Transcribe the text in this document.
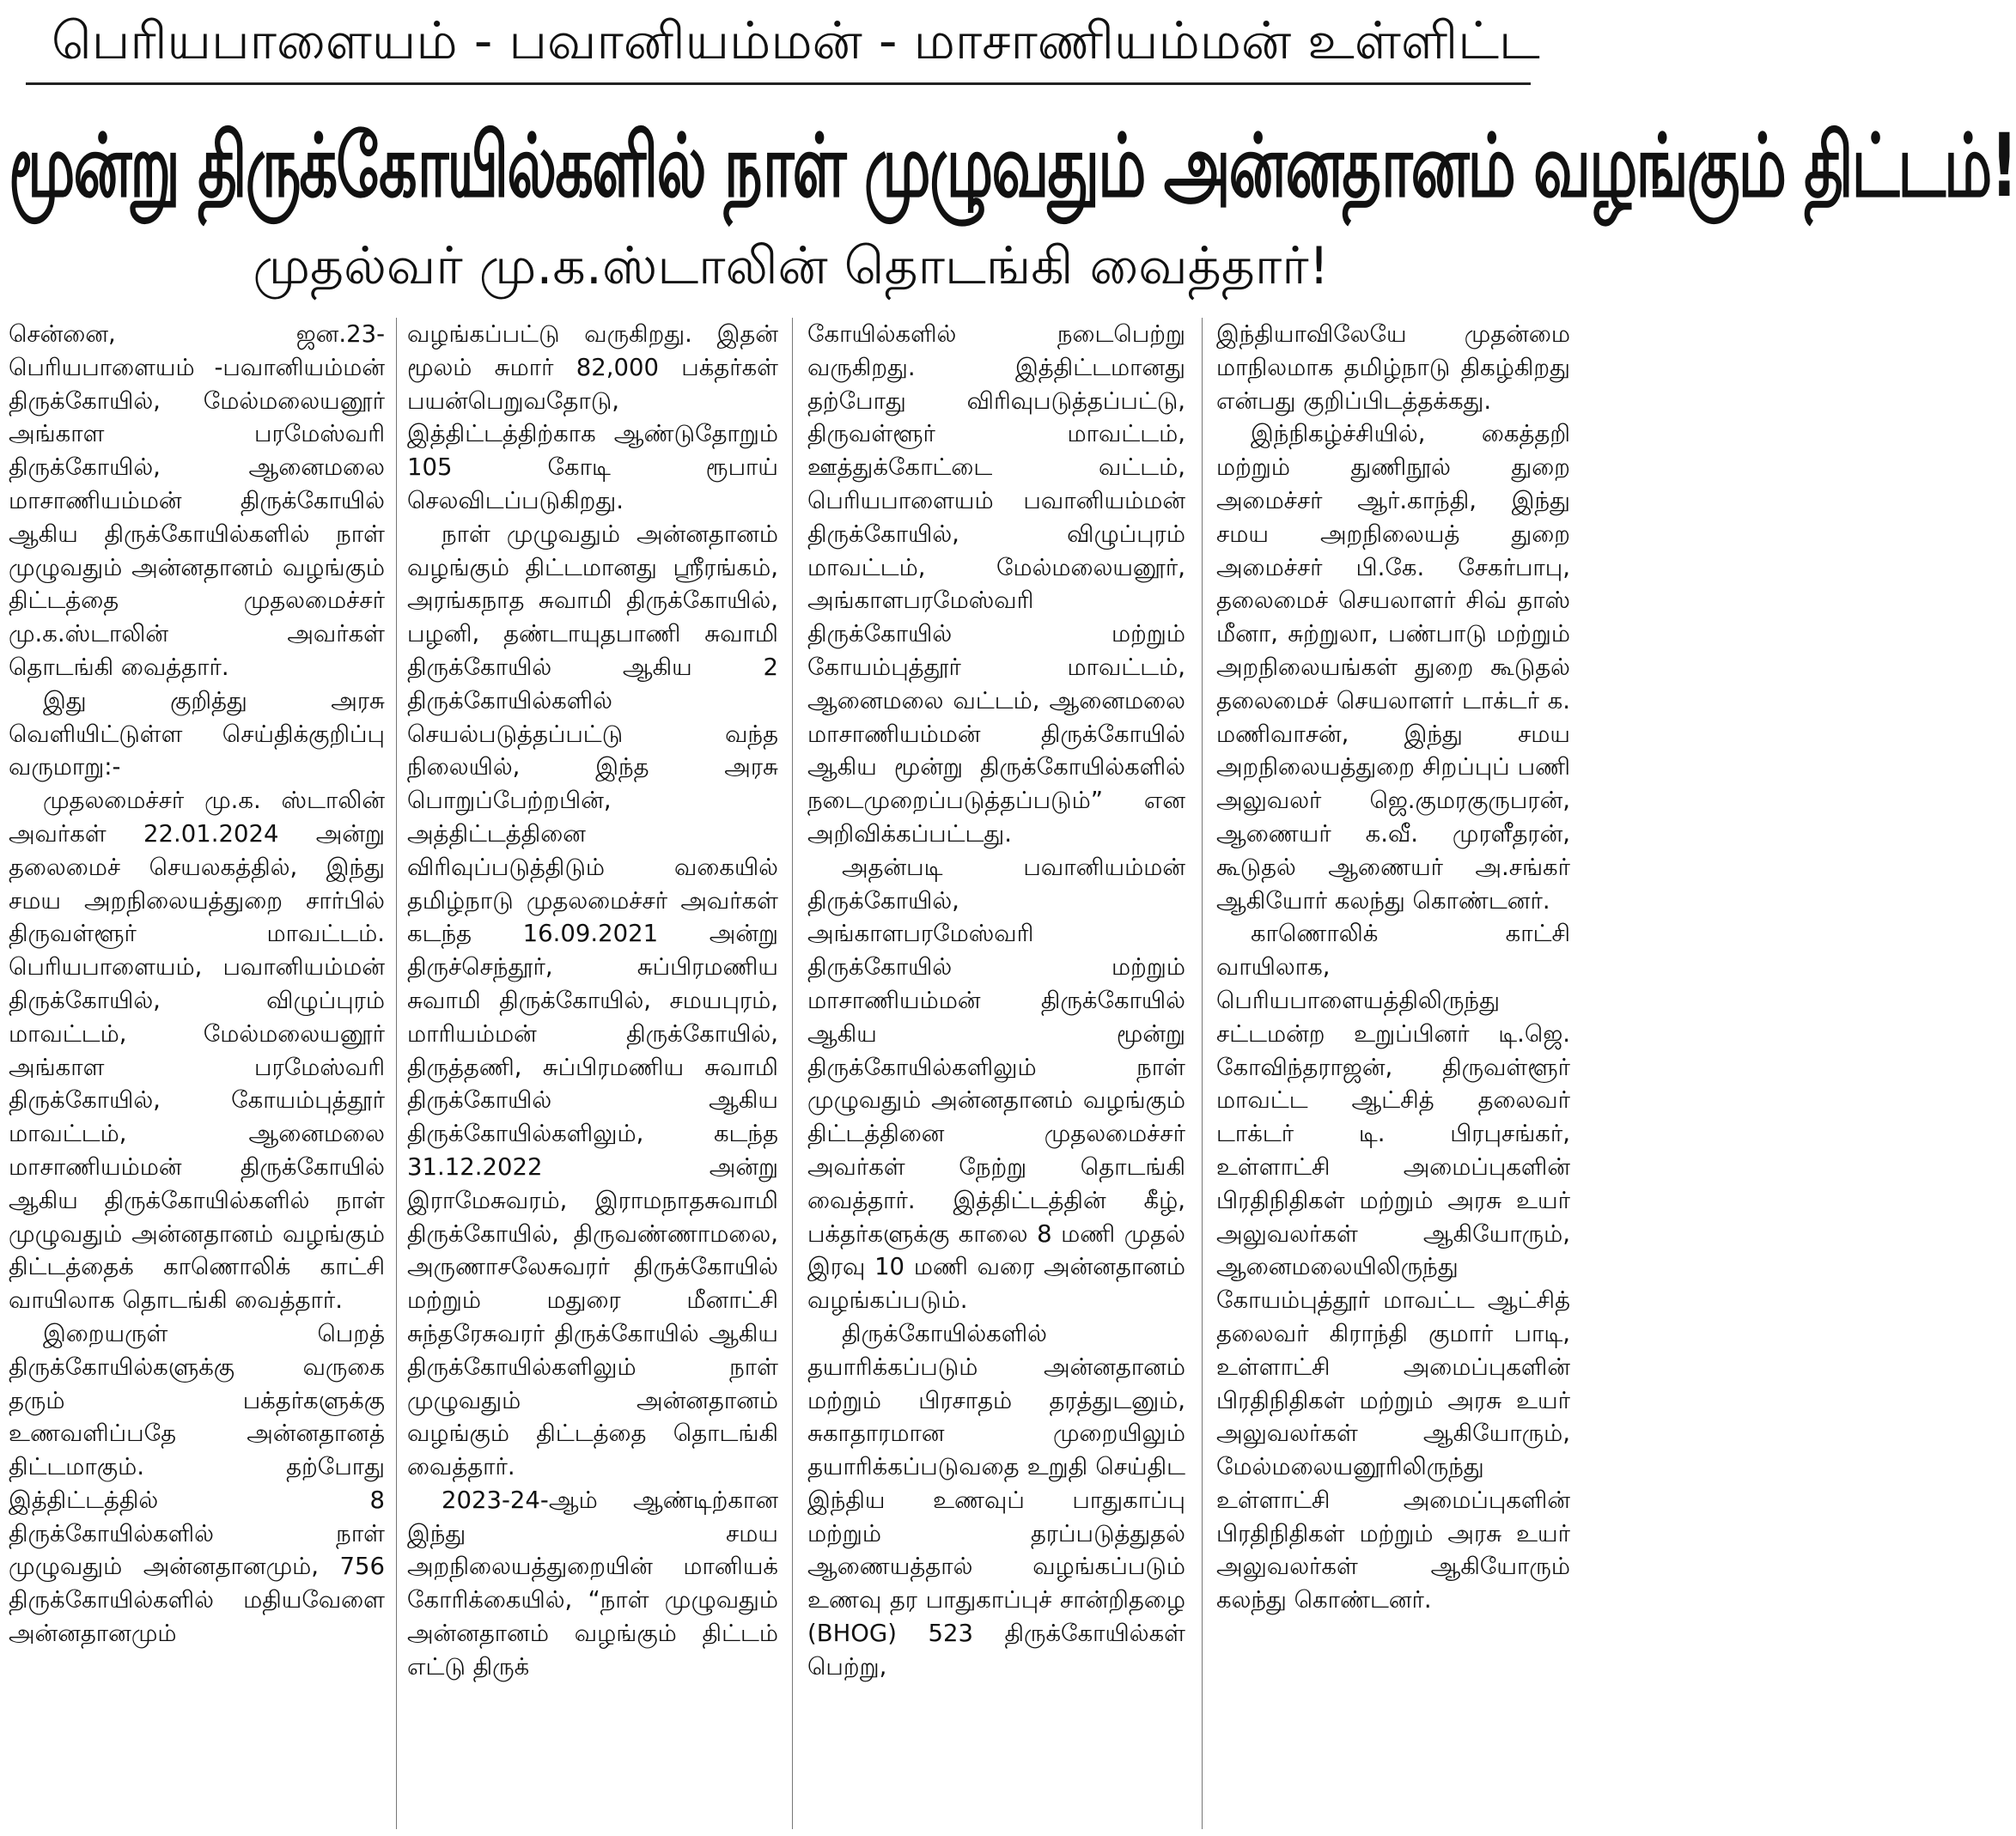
பெரியபாளையம் - பவானியம்மன் - மாசாணியம்மன் உள்ளிட்ட
மூன்று திருக்கோயில்களில் நாள் முழுவதும் அன்னதானம் வழங்கும் திட்டம்!
முதல்வர் மு.க.ஸ்டாலின் தொடங்கி வைத்தார்!

சென்னை, ஜன.23- பெரியபாளையம் -பவானியம்மன் திருக்கோயில், மேல்மலையனூர் அங்காள பரமேஸ்வரி திருக்கோயில், ஆனைமலை மாசாணியம்மன் திருக்கோயில் ஆகிய திருக்கோயில்களில் நாள் முழுவதும் அன்னதானம் வழங்கும் திட்டத்தை முதலமைச்சர் மு.க.ஸ்டாலின் அவர்கள் தொடங்கி வைத்தார்.

இது குறித்து அரசு வெளியிட்டுள்ள செய்திக்குறிப்பு வருமாறு:-

முதலமைச்சர் மு.க. ஸ்டாலின் அவர்கள் 22.01.2024 அன்று தலைமைச் செயலகத்தில், இந்து சமய அறநிலையத்துறை சார்பில் திருவள்ளூர் மாவட்டம். பெரியபாளையம், பவானியம்மன் திருக்கோயில், விழுப்புரம் மாவட்டம், மேல்மலையனூர் அங்காள பரமேஸ்வரி திருக்கோயில், கோயம்புத்தூர் மாவட்டம், ஆனைமலை மாசாணியம்மன் திருக்கோயில் ஆகிய திருக்கோயில்களில் நாள் முழுவதும் அன்னதானம் வழங்கும் திட்டத்தைக் காணொலிக் காட்சி வாயிலாக தொடங்கி வைத்தார்.

இறையருள் பெறத் திருக்கோயில்களுக்கு வருகை தரும் பக்தர்களுக்கு உணவளிப்பதே அன்னதானத் திட்டமாகும். தற்போது இத்திட்டத்தில் 8 திருக்கோயில்களில் நாள் முழுவதும் அன்னதானமும், 756 திருக்கோயில்களில் மதியவேளை அன்னதானமும்

வழங்கப்பட்டு வருகிறது. இதன் மூலம் சுமார் 82,000 பக்தர்கள் பயன்பெறுவதோடு, இத்திட்டத்திற்காக ஆண்டுதோறும் 105 கோடி ரூபாய் செலவிடப்படுகிறது.

நாள் முழுவதும் அன்னதானம் வழங்கும் திட்டமானது ஸ்ரீரங்கம், அரங்கநாத சுவாமி திருக்கோயில், பழனி, தண்டாயுதபாணி சுவாமி திருக்கோயில் ஆகிய 2 திருக்கோயில்களில் செயல்படுத்தப்பட்டு வந்த நிலையில், இந்த அரசு பொறுப்பேற்றபின், அத்திட்டத்தினை விரிவுப்படுத்திடும் வகையில் தமிழ்நாடு முதலமைச்சர் அவர்கள் கடந்த 16.09.2021 அன்று திருச்செந்தூர், சுப்பிரமணிய சுவாமி திருக்கோயில், சமயபுரம், மாரியம்மன் திருக்கோயில், திருத்தணி, சுப்பிரமணிய சுவாமி திருக்கோயில் ஆகிய திருக்கோயில்களிலும், கடந்த 31.12.2022 அன்று இராமேசுவரம், இராமநாதசுவாமி திருக்கோயில், திருவண்ணாமலை, அருணாசலேசுவரர் திருக்கோயில் மற்றும் மதுரை மீனாட்சி சுந்தரேசுவரர் திருக்கோயில் ஆகிய திருக்கோயில்களிலும் நாள் முழுவதும் அன்னதானம் வழங்கும் திட்டத்தை தொடங்கி வைத்தார்.

2023-24-ஆம் ஆண்டிற்கான இந்து சமய அறநிலையத்துறையின் மானியக் கோரிக்கையில், “நாள் முழுவதும் அன்னதானம் வழங்கும் திட்டம் எட்டு திருக்

கோயில்களில் நடைபெற்று வருகிறது. இத்திட்டமானது தற்போது விரிவுபடுத்தப்பட்டு, திருவள்ளூர் மாவட்டம், ஊத்துக்கோட்டை வட்டம், பெரியபாளையம் பவானியம்மன் திருக்கோயில், விழுப்புரம் மாவட்டம், மேல்மலையனூர், அங்காளபரமேஸ்வரி திருக்கோயில் மற்றும் கோயம்புத்தூர் மாவட்டம், ஆனைமலை வட்டம், ஆனைமலை மாசாணியம்மன் திருக்கோயில் ஆகிய மூன்று திருக்கோயில்களில் நடைமுறைப்படுத்தப்படும்” என அறிவிக்கப்பட்டது.

அதன்படி பவானியம்மன் திருக்கோயில், அங்காளபரமேஸ்வரி திருக்கோயில் மற்றும் மாசாணியம்மன் திருக்கோயில் ஆகிய மூன்று திருக்கோயில்களிலும் நாள் முழுவதும் அன்னதானம் வழங்கும் திட்டத்தினை முதலமைச்சர் அவர்கள் நேற்று தொடங்கி வைத்தார். இத்திட்டத்தின் கீழ், பக்தர்களுக்கு காலை 8 மணி முதல் இரவு 10 மணி வரை அன்னதானம் வழங்கப்படும்.

திருக்கோயில்களில் தயாரிக்கப்படும் அன்னதானம் மற்றும் பிரசாதம் தரத்துடனும், சுகாதாரமான முறையிலும் தயாரிக்கப்படுவதை உறுதி செய்திட இந்திய உணவுப் பாதுகாப்பு மற்றும் தரப்படுத்துதல் ஆணையத்தால் வழங்கப்படும் உணவு தர பாதுகாப்புச் சான்றிதழை (BHOG) 523 திருக்கோயில்கள் பெற்று,

இந்தியாவிலேயே முதன்மை மாநிலமாக தமிழ்நாடு திகழ்கிறது என்பது குறிப்பிடத்தக்கது.

இந்நிகழ்ச்சியில், கைத்தறி மற்றும் துணிநூல் துறை அமைச்சர் ஆர்.காந்தி, இந்து சமய அறநிலையத் துறை அமைச்சர் பி.கே. சேகர்பாபு, தலைமைச் செயலாளர் சிவ் தாஸ் மீனா, சுற்றுலா, பண்பாடு மற்றும் அறநிலையங்கள் துறை கூடுதல் தலைமைச் செயலாளர் டாக்டர் க. மணிவாசன், இந்து சமய அறநிலையத்துறை சிறப்புப் பணி அலுவலர் ஜெ.குமரகுருபரன், ஆணையர் க.வீ. முரளீதரன், கூடுதல் ஆணையர் அ.சங்கர் ஆகியோர் கலந்து கொண்டனர்.

காணொலிக் காட்சி வாயிலாக, பெரியபாளையத்திலிருந்து சட்டமன்ற உறுப்பினர் டி.ஜெ. கோவிந்தராஜன், திருவள்ளூர் மாவட்ட ஆட்சித் தலைவர் டாக்டர் டி. பிரபுசங்கர், உள்ளாட்சி அமைப்புகளின் பிரதிநிதிகள் மற்றும் அரசு உயர் அலுவலர்கள் ஆகியோரும், ஆனைமலையிலிருந்து கோயம்புத்தூர் மாவட்ட ஆட்சித் தலைவர் கிராந்தி குமார் பாடி, உள்ளாட்சி அமைப்புகளின் பிரதிநிதிகள் மற்றும் அரசு உயர் அலுவலர்கள் ஆகியோரும், மேல்மலையனூரிலிருந்து உள்ளாட்சி அமைப்புகளின் பிரதிநிதிகள் மற்றும் அரசு உயர் அலுவலர்கள் ஆகியோரும் கலந்து கொண்டனர்.
